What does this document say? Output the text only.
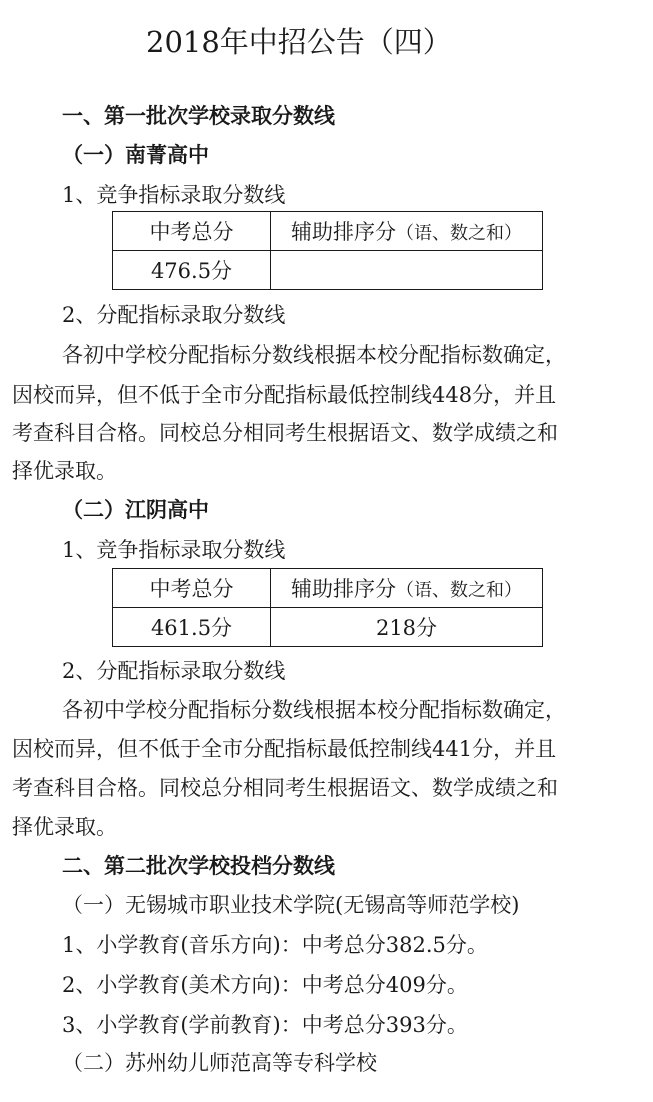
2018年中招公告（四）
一、第一批次学校录取分数线
（一）南菁高中
1、竞争指标录取分数线
中考总分	辅助排序分（语、数之和）
476.5分	
2、分配指标录取分数线
各初中学校分配指标分数线根据本校分配指标数确定，
因校而异，但不低于全市分配指标最低控制线448分，并且
考查科目合格。同校总分相同考生根据语文、数学成绩之和
择优录取。
（二）江阴高中
1、竞争指标录取分数线
中考总分	辅助排序分（语、数之和）
461.5分	218分
2、分配指标录取分数线
各初中学校分配指标分数线根据本校分配指标数确定，
因校而异，但不低于全市分配指标最低控制线441分，并且
考查科目合格。同校总分相同考生根据语文、数学成绩之和
择优录取。
二、第二批次学校投档分数线
（一）无锡城市职业技术学院(无锡高等师范学校)
1、小学教育(音乐方向)：中考总分382.5分。
2、小学教育(美术方向)：中考总分409分。
3、小学教育(学前教育)：中考总分393分。
（二）苏州幼儿师范高等专科学校
